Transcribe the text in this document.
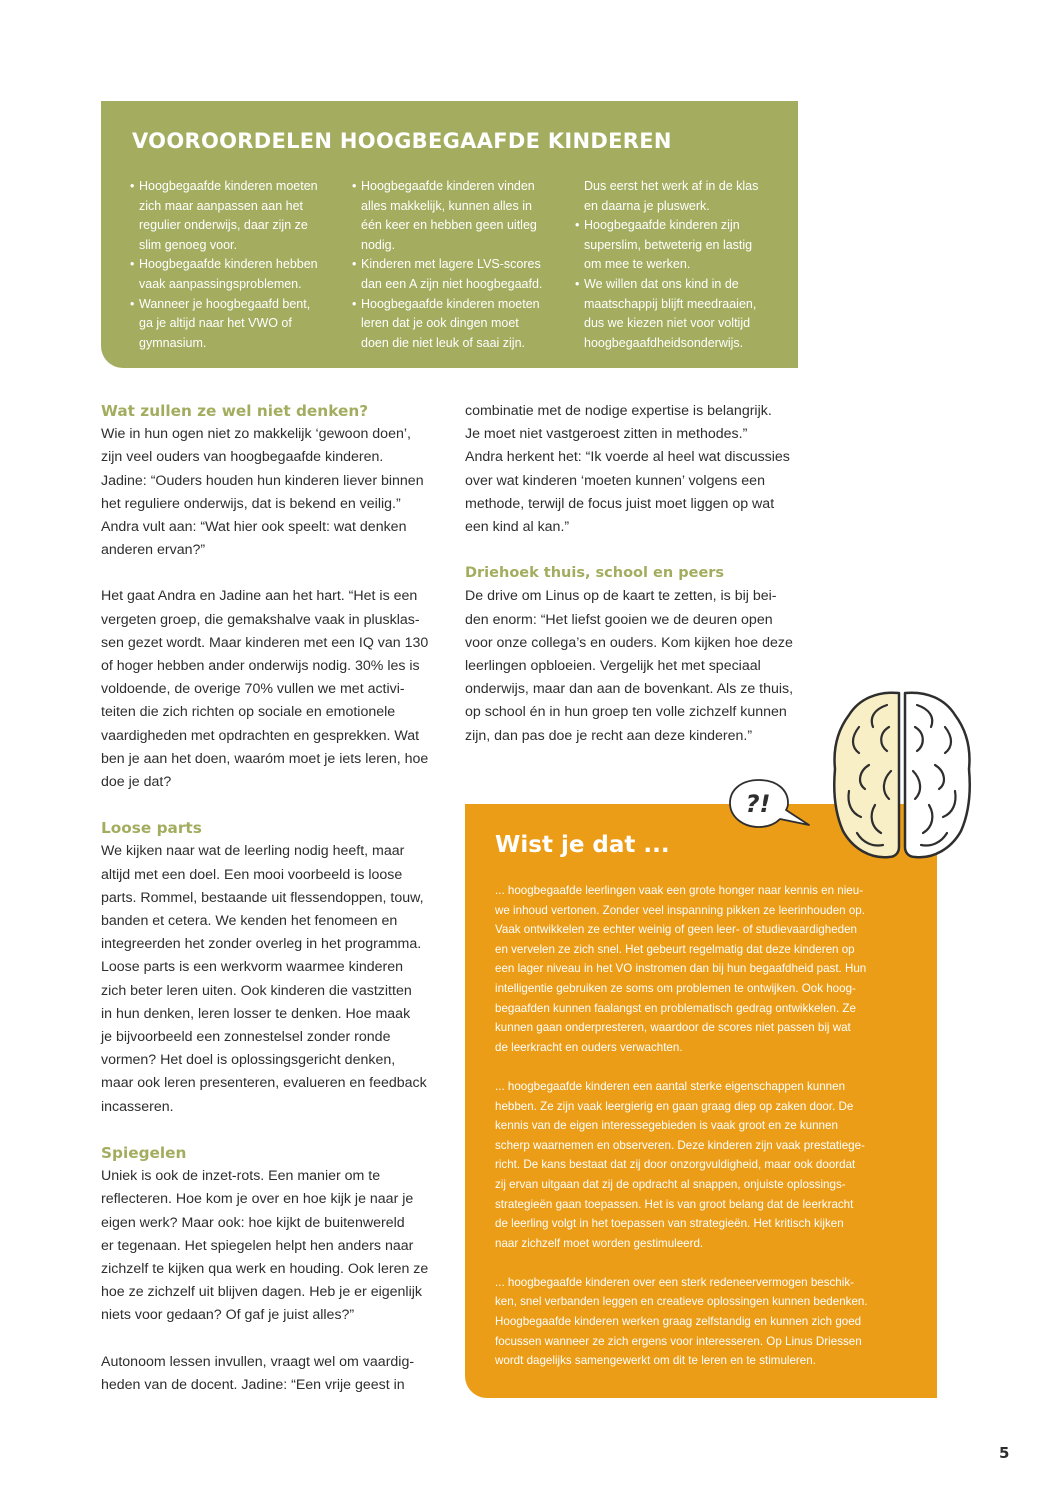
VOOROORDELEN HOOGBEGAAFDE KINDEREN
• Hoogbegaafde kinderen moeten
zich maar aanpassen aan het
regulier onderwijs, daar zijn ze
slim genoeg voor.
• Hoogbegaafde kinderen hebben
vaak aanpassingsproblemen.
• Wanneer je hoogbegaafd bent,
ga je altijd naar het VWO of
gymnasium.
• Hoogbegaafde kinderen vinden
alles makkelijk, kunnen alles in
één keer en hebben geen uitleg
nodig.
• Kinderen met lagere LVS-scores
dan een A zijn niet hoogbegaafd.
• Hoogbegaafde kinderen moeten
leren dat je ook dingen moet
doen die niet leuk of saai zijn.
Dus eerst het werk af in de klas
en daarna je pluswerk.
• Hoogbegaafde kinderen zijn
superslim, betweterig en lastig
om mee te werken.
• We willen dat ons kind in de
maatschappij blijft meedraaien,
dus we kiezen niet voor voltijd
hoogbegaafdheidsonderwijs.
Wat zullen ze wel niet denken?
Wie in hun ogen niet zo makkelijk ‘gewoon doen’,
zijn veel ouders van hoogbegaafde kinderen.
Jadine: “Ouders houden hun kinderen liever binnen
het reguliere onderwijs, dat is bekend en veilig.”
Andra vult aan: “Wat hier ook speelt: wat denken
anderen ervan?”
Het gaat Andra en Jadine aan het hart. “Het is een
vergeten groep, die gemakshalve vaak in plusklas-
sen gezet wordt. Maar kinderen met een IQ van 130
of hoger hebben ander onderwijs nodig. 30% les is
voldoende, de overige 70% vullen we met activi-
teiten die zich richten op sociale en emotionele
vaardigheden met opdrachten en gesprekken. Wat
ben je aan het doen, waaróm moet je iets leren, hoe
doe je dat?
Loose parts
We kijken naar wat de leerling nodig heeft, maar
altijd met een doel. Een mooi voorbeeld is loose
parts. Rommel, bestaande uit flessendoppen, touw,
banden et cetera. We kenden het fenomeen en
integreerden het zonder overleg in het programma.
Loose parts is een werkvorm waarmee kinderen
zich beter leren uiten. Ook kinderen die vastzitten
in hun denken, leren losser te denken. Hoe maak
je bijvoorbeeld een zonnestelsel zonder ronde
vormen? Het doel is oplossingsgericht denken,
maar ook leren presenteren, evalueren en feedback
incasseren.
Spiegelen
Uniek is ook de inzet-rots. Een manier om te
reflecteren. Hoe kom je over en hoe kijk je naar je
eigen werk? Maar ook: hoe kijkt de buitenwereld
er tegenaan. Het spiegelen helpt hen anders naar
zichzelf te kijken qua werk en houding. Ook leren ze
hoe ze zichzelf uit blijven dagen. Heb je er eigenlijk
niets voor gedaan? Of gaf je juist alles?”
Autonoom lessen invullen, vraagt wel om vaardig-
heden van de docent. Jadine: “Een vrije geest in
combinatie met de nodige expertise is belangrijk.
Je moet niet vastgeroest zitten in methodes.”
Andra herkent het: “Ik voerde al heel wat discussies
over wat kinderen ‘moeten kunnen’ volgens een
methode, terwijl de focus juist moet liggen op wat
een kind al kan.”
Driehoek thuis, school en peers
De drive om Linus op de kaart te zetten, is bij bei-
den enorm: “Het liefst gooien we de deuren open
voor onze collega’s en ouders. Kom kijken hoe deze
leerlingen opbloeien. Vergelijk het met speciaal
onderwijs, maar dan aan de bovenkant. Als ze thuis,
op school én in hun groep ten volle zichzelf kunnen
zijn, dan pas doe je recht aan deze kinderen.”
Wist je dat ...

... hoogbegaafde leerlingen vaak een grote honger naar kennis en nieu-
we inhoud vertonen. Zonder veel inspanning pikken ze leerinhouden op.
Vaak ontwikkelen ze echter weinig of geen leer- of studievaardigheden
en vervelen ze zich snel. Het gebeurt regelmatig dat deze kinderen op
een lager niveau in het VO instromen dan bij hun begaafdheid past. Hun
intelligentie gebruiken ze soms om problemen te ontwijken. Ook hoog-
begaafden kunnen faalangst en problematisch gedrag ontwikkelen. Ze
kunnen gaan onderpresteren, waardoor de scores niet passen bij wat
de leerkracht en ouders verwachten.

... hoogbegaafde kinderen een aantal sterke eigenschappen kunnen
hebben. Ze zijn vaak leergierig en gaan graag diep op zaken door. De
kennis van de eigen interessegebieden is vaak groot en ze kunnen
scherp waarnemen en observeren. Deze kinderen zijn vaak prestatiege-
richt. De kans bestaat dat zij door onzorgvuldigheid, maar ook doordat
zij ervan uitgaan dat zij de opdracht al snappen, onjuiste oplossings-
strategieën gaan toepassen. Het is van groot belang dat de leerkracht
de leerling volgt in het toepassen van strategieën. Het kritisch kijken
naar zichzelf moet worden gestimuleerd.

... hoogbegaafde kinderen over een sterk redeneervermogen beschik-
ken, snel verbanden leggen en creatieve oplossingen kunnen bedenken.
Hoogbegaafde kinderen werken graag zelfstandig en kunnen zich goed
focussen wanneer ze zich ergens voor interesseren. Op Linus Driessen
wordt dagelijks samengewerkt om dit te leren en te stimuleren.

?!
5
